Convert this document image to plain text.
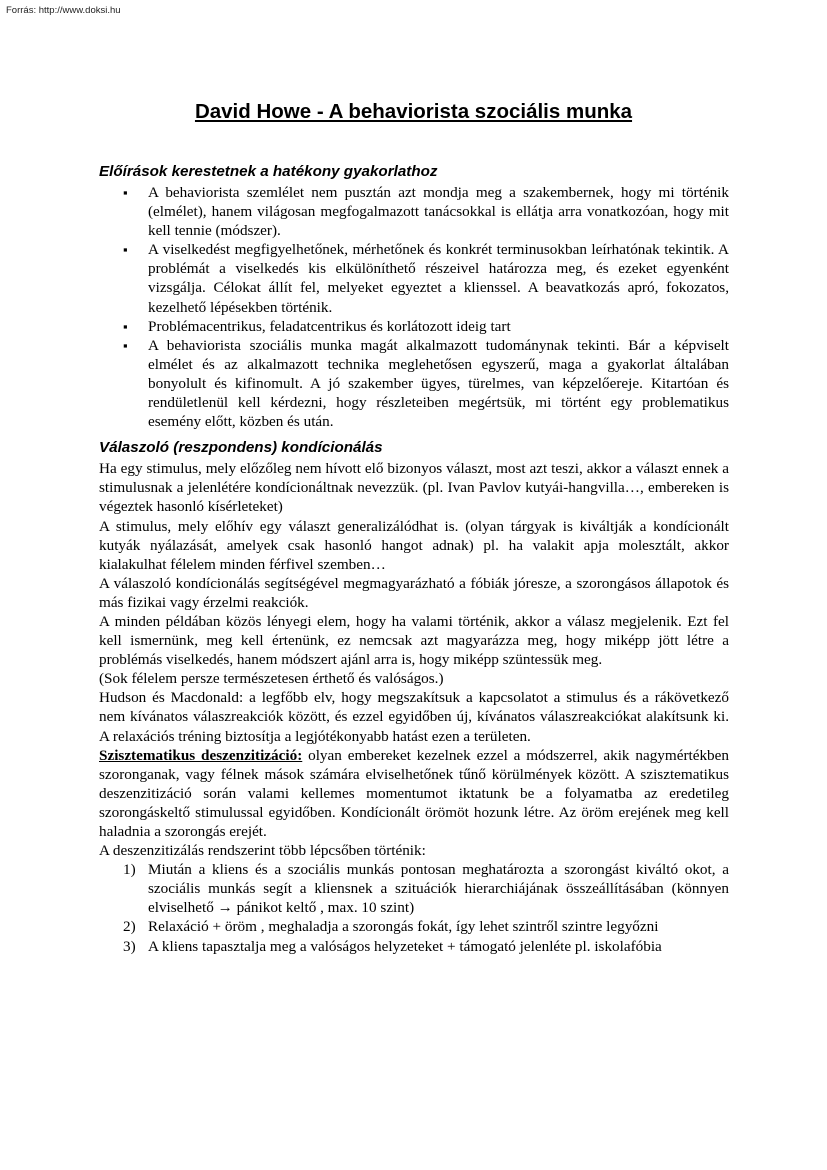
Forrás: http://www.doksi.hu
David Howe - A behaviorista szociális munka
Előírások kerestetnek a hatékony gyakorlathoz
▪ A behaviorista szemlélet nem pusztán azt mondja meg a szakembernek, hogy mi történik (elmélet), hanem világosan megfogalmazott tanácsokkal is ellátja arra vonatkozóan, hogy mit kell tennie (módszer).
▪ A viselkedést megfigyelhetőnek, mérhetőnek és konkrét terminusokban leírhatónak tekintik. A problémát a viselkedés kis elkülöníthető részeivel határozza meg, és ezeket egyenként vizsgálja. Célokat állít fel, melyeket egyeztet a klienssel. A beavatkozás apró, fokozatos, kezelhető lépésekben történik.
▪ Problémacentrikus, feladatcentrikus és korlátozott ideig tart
▪ A behaviorista szociális munka magát alkalmazott tudománynak tekinti. Bár a képviselt elmélet és az alkalmazott technika meglehetősen egyszerű, maga a gyakorlat általában bonyolult és kifinomult. A jó szakember ügyes, türelmes, van képzelőereje. Kitartóan és rendületlenül kell kérdezni, hogy részleteiben megértsük, mi történt egy problematikus esemény előtt, közben és után.
Válaszoló (reszpondens) kondícionálás

Ha egy stimulus, mely előzőleg nem hívott elő bizonyos választ, most azt teszi, akkor a választ ennek a stimulusnak a jelenlétére kondícionáltnak nevezzük. (pl. Ivan Pavlov kutyái-hangvilla…, embereken is végeztek hasonló kísérleteket)

A stimulus, mely előhív egy választ generalizálódhat is. (olyan tárgyak is kiváltják a kondícionált kutyák nyálazását, amelyek csak hasonló hangot adnak) pl. ha valakit apja molesztált, akkor kialakulhat félelem minden férfivel szemben…

A válaszoló kondícionálás segítségével megmagyarázható a fóbiák jóresze, a szorongásos állapotok és más fizikai vagy érzelmi reakciók.

A minden példában közös lényegi elem, hogy ha valami történik, akkor a válasz megjelenik. Ezt fel kell ismernünk, meg kell értenünk, ez nemcsak azt magyarázza meg, hogy miképp jött létre a problémás viselkedés, hanem módszert ajánl arra is, hogy miképp szüntessük meg.

(Sok félelem persze természetesen érthető és valóságos.)

Hudson és Macdonald: a legfőbb elv, hogy megszakítsuk a kapcsolatot a stimulus és a rákövetkező nem kívánatos válaszreakciók között, és ezzel egyidőben új, kívánatos válaszreakciókat alakítsunk ki. A relaxációs tréning biztosítja a legjótékonyabb hatást ezen a területen.

Szisztematikus deszenzitizáció: olyan embereket kezelnek ezzel a módszerrel, akik nagymértékben szoronganak, vagy félnek mások számára elviselhetőnek tűnő körülmények között. A szisztematikus deszenzitizáció során valami kellemes momentumot iktatunk be a folyamatba az eredetileg szorongáskeltő stimulussal egyidőben. Kondícionált örömöt hozunk létre. Az öröm erejének meg kell haladnia a szorongás erejét.

A deszenzitizálás rendszerint több lépcsőben történik:

1) Miután a kliens és a szociális munkás pontosan meghatározta a szorongást kiváltó okot, a szociális munkás segít a kliensnek a szituációk hierarchiájának összeállításában (könnyen elviselhető → pánikot keltő , max. 10 szint)
2) Relaxáció + öröm , meghaladja a szorongás fokát, így lehet szintről szintre legyőzni
3) A kliens tapasztalja meg a valóságos helyzeteket + támogató jelenléte pl. iskolafóbia
